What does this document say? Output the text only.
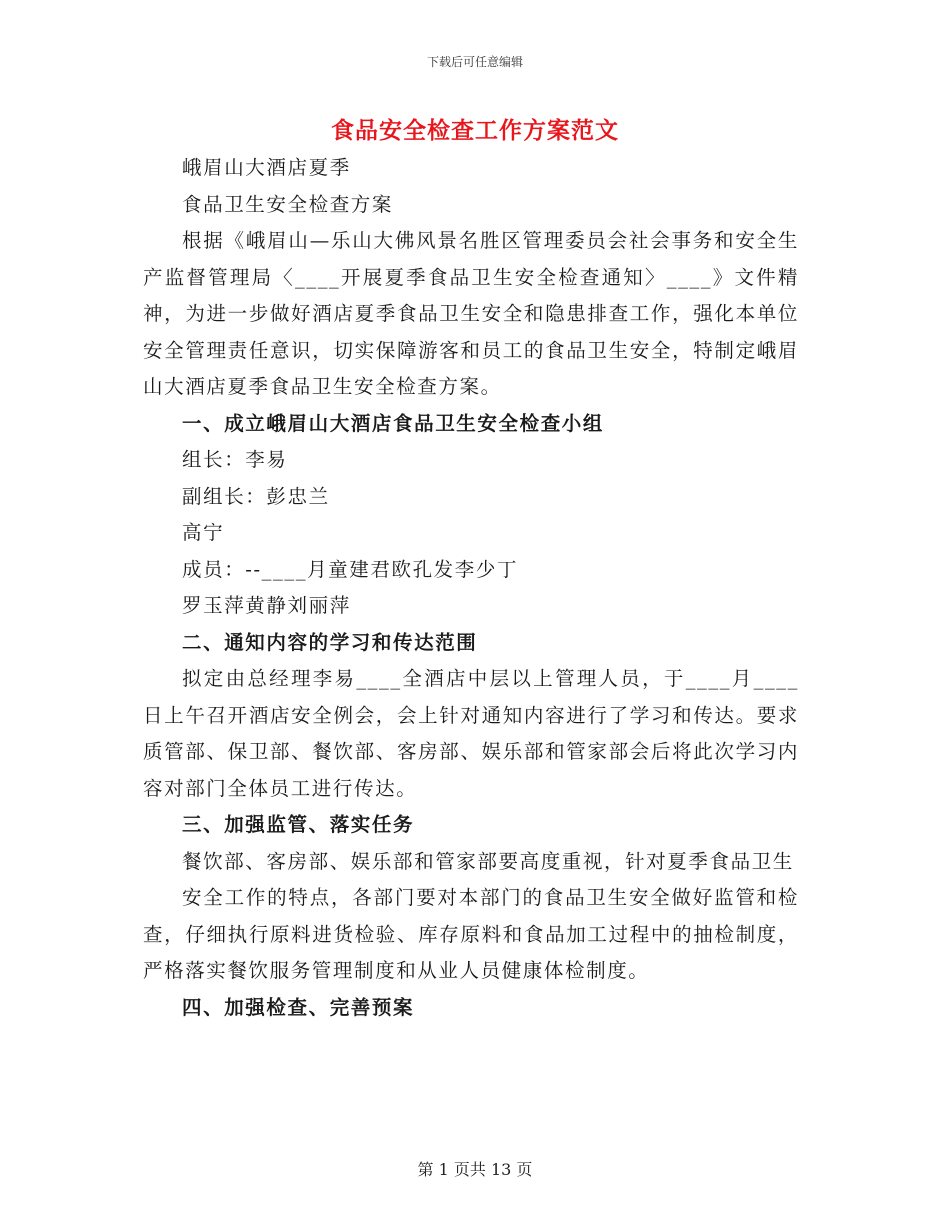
下载后可任意编辑
食品安全检查工作方案范文

峨眉山大酒店夏季

食品卫生安全检查方案

根据《峨眉山—乐山大佛风景名胜区管理委员会社会事务和安全生产监督管理局〈____开展夏季食品卫生安全检查通知〉____》文件精神，为进一步做好酒店夏季食品卫生安全和隐患排查工作，强化本单位安全管理责任意识，切实保障游客和员工的食品卫生安全，特制定峨眉山大酒店夏季食品卫生安全检查方案。

一、成立峨眉山大酒店食品卫生安全检查小组

组长：李易

副组长：彭忠兰

高宁

成员：--____月童建君欧孔发李少丁

罗玉萍黄静刘丽萍

二、通知内容的学习和传达范围

拟定由总经理李易____全酒店中层以上管理人员，于____月____日上午召开酒店安全例会，会上针对通知内容进行了学习和传达。要求质管部、保卫部、餐饮部、客房部、娱乐部和管家部会后将此次学习内容对部门全体员工进行传达。

三、加强监管、落实任务

餐饮部、客房部、娱乐部和管家部要高度重视，针对夏季食品卫生

安全工作的特点，各部门要对本部门的食品卫生安全做好监管和检查，仔细执行原料进货检验、库存原料和食品加工过程中的抽检制度，严格落实餐饮服务管理制度和从业人员健康体检制度。

四、加强检查、完善预案

第 1 页共 13 页
